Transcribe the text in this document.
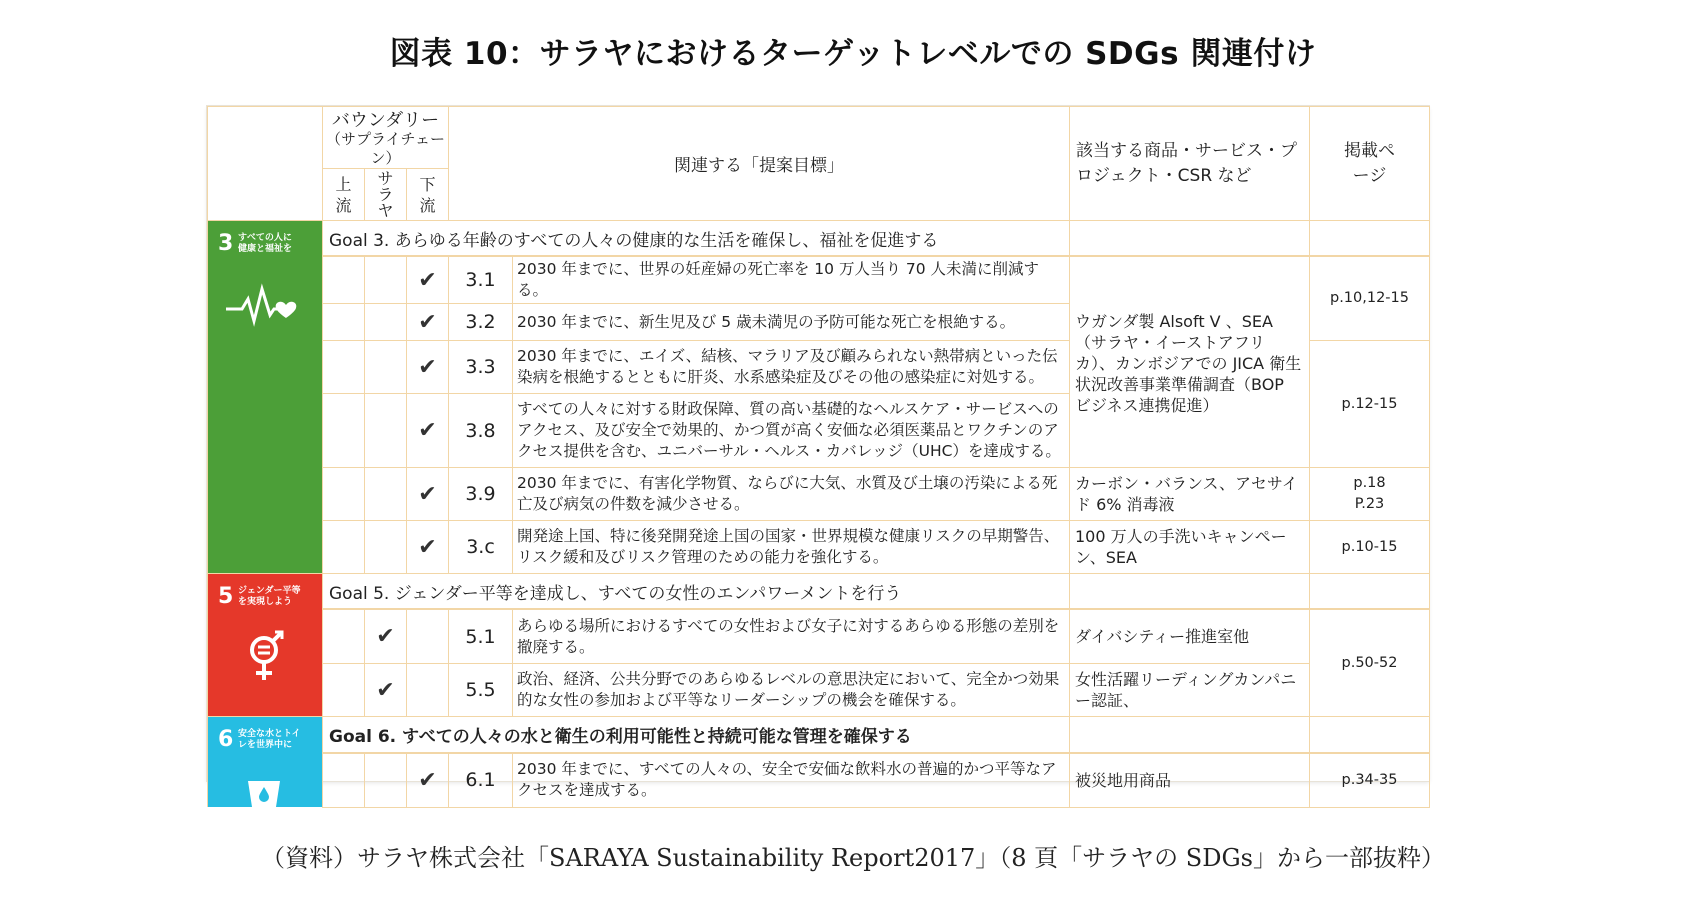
図表 10：サラヤにおけるターゲットレベルでの SDGs 関連付け

	バウンダリー
（サプライチェーン）			関連する「提案目標」		該当する商品・サービス・プロジェクト・CSR など	掲載ページ

	上流	サラヤ	下流				

3 すべての人に健康と福祉を	Goal 3. あらゆる年齢のすべての人々の健康的な生活を確保し、福祉を促進する						
			✔	3.1	2030 年までに、世界の妊産婦の死亡率を 10 万人当り 70 人未満に削減する。	ウガンダ製 Alsoft V 、SEA（サラヤ・イーストアフリカ）、カンボジアでの JICA 衛生状況改善事業準備調査（BOP ビジネス連携促進）	p.10,12-15
			✔	3.2	2030 年までに、新生児及び 5 歳未満児の予防可能な死亡を根絶する。		
			✔	3.3	2030 年までに、エイズ、結核、マラリア及び顧みられない熱帯病といった伝染病を根絶するとともに肝炎、水系感染症及びその他の感染症に対処する。		p.12-15
			✔	3.8	すべての人々に対する財政保障、質の高い基礎的なヘルスケア・サービスへのアクセス、及び安全で効果的、かつ質が高く安価な必須医薬品とワクチンのアクセス提供を含む、ユニバーサル・ヘルス・カバレッジ（UHC）を達成する。		
			✔	3.9	2030 年までに、有害化学物質、ならびに大気、水質及び土壌の汚染による死亡及び病気の件数を減少させる。	カーボン・バランス、アセサイド 6% 消毒液	p.18
P.23

			✔	3.c	開発途上国、特に後発開発途上国の国家・世界規模な健康リスクの早期警告、リスク緩和及びリスク管理のための能力を強化する。	100 万人の手洗いキャンペーン、SEA	p.10-15

5 ジェンダー平等を実現しよう	Goal 5. ジェンダー平等を達成し、すべての女性のエンパワーメントを行う						
		✔		5.1	あらゆる場所におけるすべての女性および女子に対するあらゆる形態の差別を撤廃する。	ダイバシティー推進室他	p.50-52
		✔		5.5	政治、経済、公共分野でのあらゆるレベルの意思決定において、完全かつ効果的な女性の参加および平等なリーダーシップの機会を確保する。	女性活躍リーディングカンパニー認証、	

6 安全な水とトイレを世界中に	Goal 6. すべての人々の水と衛生の利用可能性と持続可能な管理を確保する						
			✔	6.1	2030 年までに、すべての人々の、安全で安価な飲料水の普遍的かつ平等なアクセスを達成する。	被災地用商品	p.34-35
（資料）サラヤ株式会社「SARAYA Sustainability Report2017」（8 頁「サラヤの SDGs」から一部抜粋）
